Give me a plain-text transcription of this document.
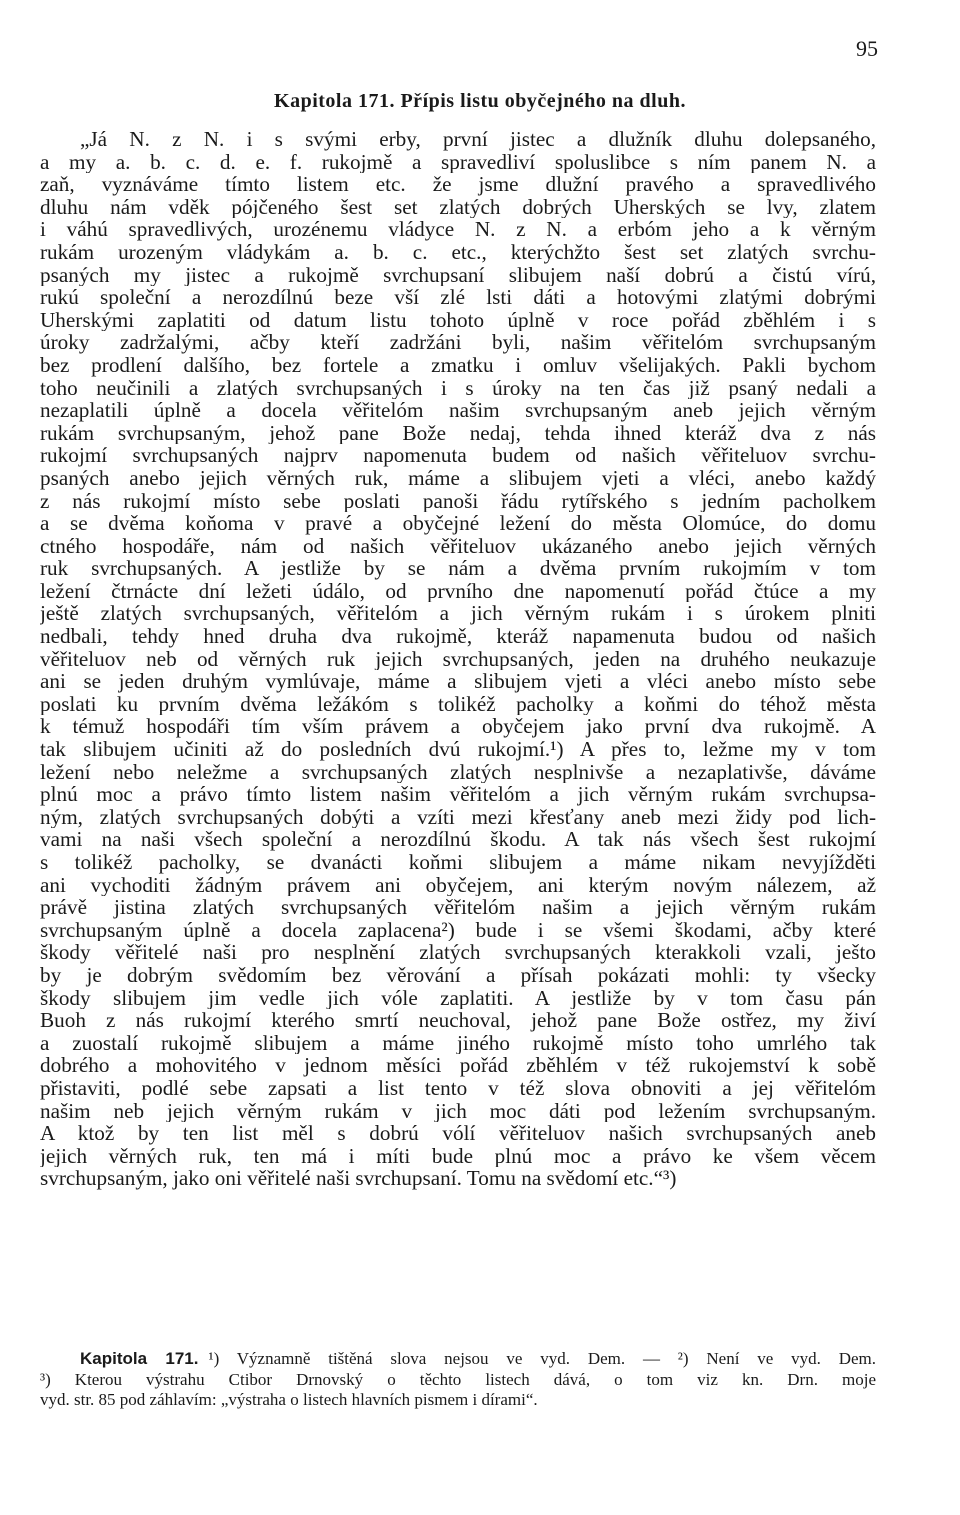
95
Kapitola 171. Přípis listu obyčejného na dluh.
„Já N. z N. i s svými erby, první jistec a dlužník dluhu dolepsaného,
a my a. b. c. d. e. f. rukojmě a spravedliví spoluslibce s ním panem N. a
zaň, vyznáváme tímto listem etc. že jsme dlužní pravého a spravedlivého
dluhu nám vděk pójčeného šest set zlatých dobrých Uherských se lvy, zlatem
i váhú spravedlivých, urozénemu vládyce N. z N. a erbóm jeho a k věrným
rukám urozeným vládykám a. b. c. etc., kterýchžto šest set zlatých svrchu-
psaných my jistec a rukojmě svrchupsaní slibujem naší dobrú a čistú vírú,
rukú společní a nerozdílnú beze vší zlé lsti dáti a hotovými zlatými dobrými
Uherskými zaplatiti od datum listu tohoto úplně v roce pořád zběhlém i s
úroky zadržalými, ačby kteří zadržáni byli, našim věřitelóm svrchupsaným
bez prodlení dalšího, bez fortele a zmatku i omluv všelijakých. Pakli bychom
toho neučinili a zlatých svrchupsaných i s úroky na ten čas již psaný nedali a
nezaplatili úplně a docela věřitelóm našim svrchupsaným aneb jejich věrným
rukám svrchupsaným, jehož pane Bože nedaj, tehda ihned kteráž dva z nás
rukojmí svrchupsaných najprv napomenuta budem od našich věřiteluov svrchu-
psaných anebo jejich věrných ruk, máme a slibujem vjeti a vléci, anebo každý
z nás rukojmí místo sebe poslati panoši řádu rytířského s jedním pacholkem
a se dvěma koňoma v pravé a obyčejné ležení do města Olomúce, do domu
ctného hospodáře, nám od našich věřiteluov ukázaného anebo jejich věrných
ruk svrchupsaných. A jestliže by se nám a dvěma prvním rukojmím v tom
ležení čtrnácte dní ležeti údálo, od prvního dne napomenutí pořád čtúce a my
ještě zlatých svrchupsaných, věřitelóm a jich věrným rukám i s úrokem plniti
nedbali, tehdy hned druha dva rukojmě, kteráž napamenuta budou od našich
věřiteluov neb od věrných ruk jejich svrchupsaných, jeden na druhého neukazuje
ani se jeden druhým vymlúvaje, máme a slibujem vjeti a vléci anebo místo sebe
poslati ku prvním dvěma ležákóm s tolikéž pacholky a koňmi do téhož města
k témuž hospodáři tím vším právem a obyčejem jako první dva rukojmě. A
tak slibujem učiniti až do posledních dvú rukojmí.¹) A přes to, ležme my v tom
ležení nebo neležme a svrchupsaných zlatých nesplnivše a nezaplativše, dáváme
plnú moc a právo tímto listem našim věřitelóm a jich věrným rukám svrchupsa-
ným, zlatých svrchupsaných dobýti a vzíti mezi křesťany aneb mezi židy pod lich-
vami na naši všech společní a nerozdílnú škodu. A tak nás všech šest rukojmí
s tolikéž pacholky, se dvanácti koňmi slibujem a máme nikam nevyjížděti
ani vychoditi žádným právem ani obyčejem, ani kterým novým nálezem, až
právě jistina zlatých svrchupsaných věřitelóm našim a jejich věrným rukám
svrchupsaným úplně a docela zaplacena²) bude i se všemi škodami, ačby které
škody věřitelé naši pro nesplnění zlatých svrchupsaných kterakkoli vzali, ješto
by je dobrým svědomím bez věrování a přísah pokázati mohli: ty všecky
škody slibujem jim vedle jich vóle zaplatiti. A jestliže by v tom času pán
Buoh z nás rukojmí kterého smrtí neuchoval, jehož pane Bože ostřez, my živí
a zuostalí rukojmě slibujem a máme jiného rukojmě místo toho umrlého tak
dobrého a mohovitého v jednom měsíci pořád zběhlém v též rukojemství k sobě
přistaviti, podlé sebe zapsati a list tento v též slova obnoviti a jej věřitelóm
našim neb jejich věrným rukám v jich moc dáti pod ležením svrchupsaným.
A ktož by ten list měl s dobrú vólí věřiteluov našich svrchupsaných aneb
jejich věrných ruk, ten má i míti bude plnú moc a právo ke všem věcem
svrchupsaným, jako oni věřitelé naši svrchupsaní. Tomu na svědomí etc.“³)
Kapitola 171. ¹) Významně tištěná slova nejsou ve vyd. Dem. — ²) Není ve vyd. Dem.
³) Kterou výstrahu Ctibor Drnovský o těchto listech dává, o tom viz kn. Drn. moje
vyd. str. 85 pod záhlavím: „výstraha o listech hlavních pismem i dírami“.
